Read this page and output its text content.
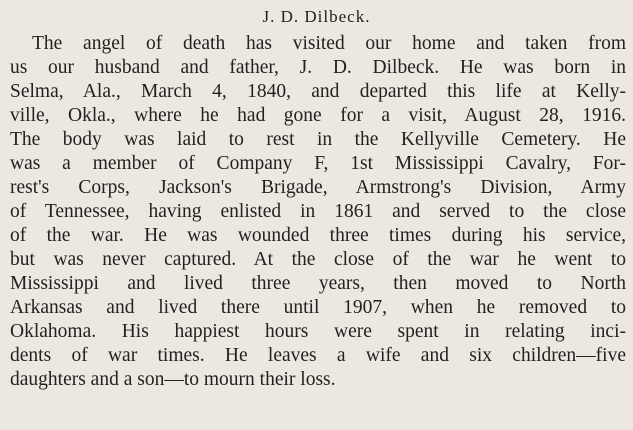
J. D. Dilbeck.
The angel of death has visited our home and taken from
us our husband and father, J. D. Dilbeck. He was born in
Selma, Ala., March 4, 1840, and departed this life at Kelly-
ville, Okla., where he had gone for a visit, August 28, 1916.
The body was laid to rest in the Kellyville Cemetery. He
was a member of Company F, 1st Mississippi Cavalry, For-
rest's Corps, Jackson's Brigade, Armstrong's Division, Army
of Tennessee, having enlisted in 1861 and served to the close
of the war. He was wounded three times during his service,
but was never captured. At the close of the war he went to
Mississippi and lived three years, then moved to North
Arkansas and lived there until 1907, when he removed to
Oklahoma. His happiest hours were spent in relating inci-
dents of war times. He leaves a wife and six children—five
daughters and a son—to mourn their loss.
